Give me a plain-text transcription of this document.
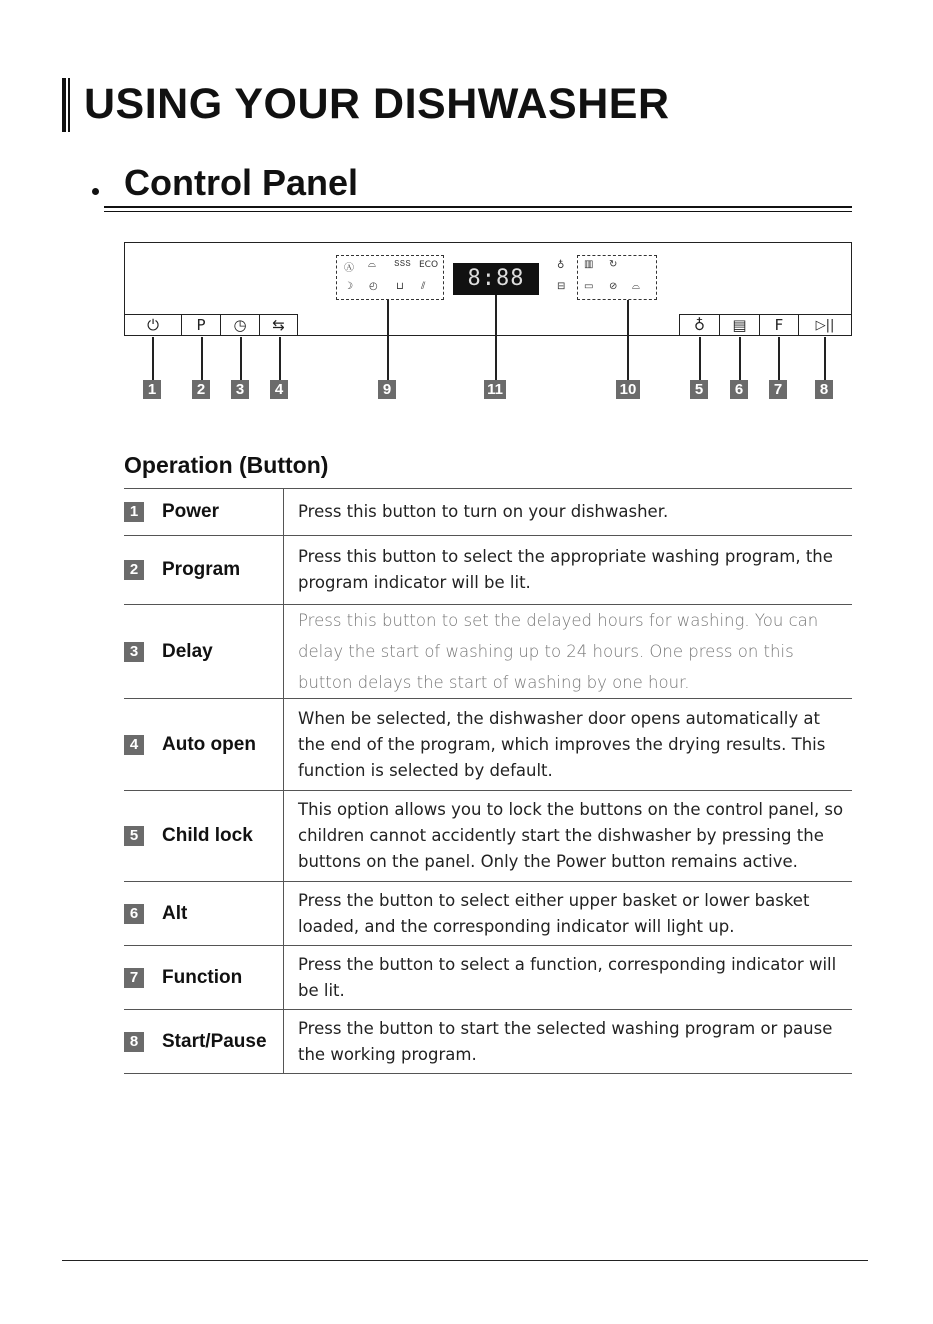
USING YOUR DISHWASHER
Control Panel
⏻	P ◷ ⇆	♁ ▤ F ▷||
Ⓐ ⌓ ՏՏՏ ECO
☽ ◴ ⊔ ⫽	8:88
♁
⊟
▥ ↻
▭ ⊘ ⌓
1	2	3	4	9	11	10	5	6	7	8
Operation (Button)
1	Power	Press this button to turn on your dishwasher.
2	Program
Press this button to select the appropriate washing program, the program indicator will be lit.
3	Delay
Press this button to set the delayed hours for washing. You can delay the start of washing up to 24 hours. One press on this button delays the start of washing by one hour.
4	Auto open
When be selected, the dishwasher door opens automatically at the end of the program, which improves the drying results. This function is selected by default.
5	Child lock
This option allows you to lock the buttons on the control panel, so children cannot accidently start the dishwasher by pressing the buttons on the panel. Only the Power button remains active.
6	Alt
Press the button to select either upper basket or lower basket loaded, and the corresponding indicator will light up.
7	Function
Press the button to select a function, corresponding indicator will be lit.
8	Start/Pause
Press the button to start the selected washing program or pause the working program.
